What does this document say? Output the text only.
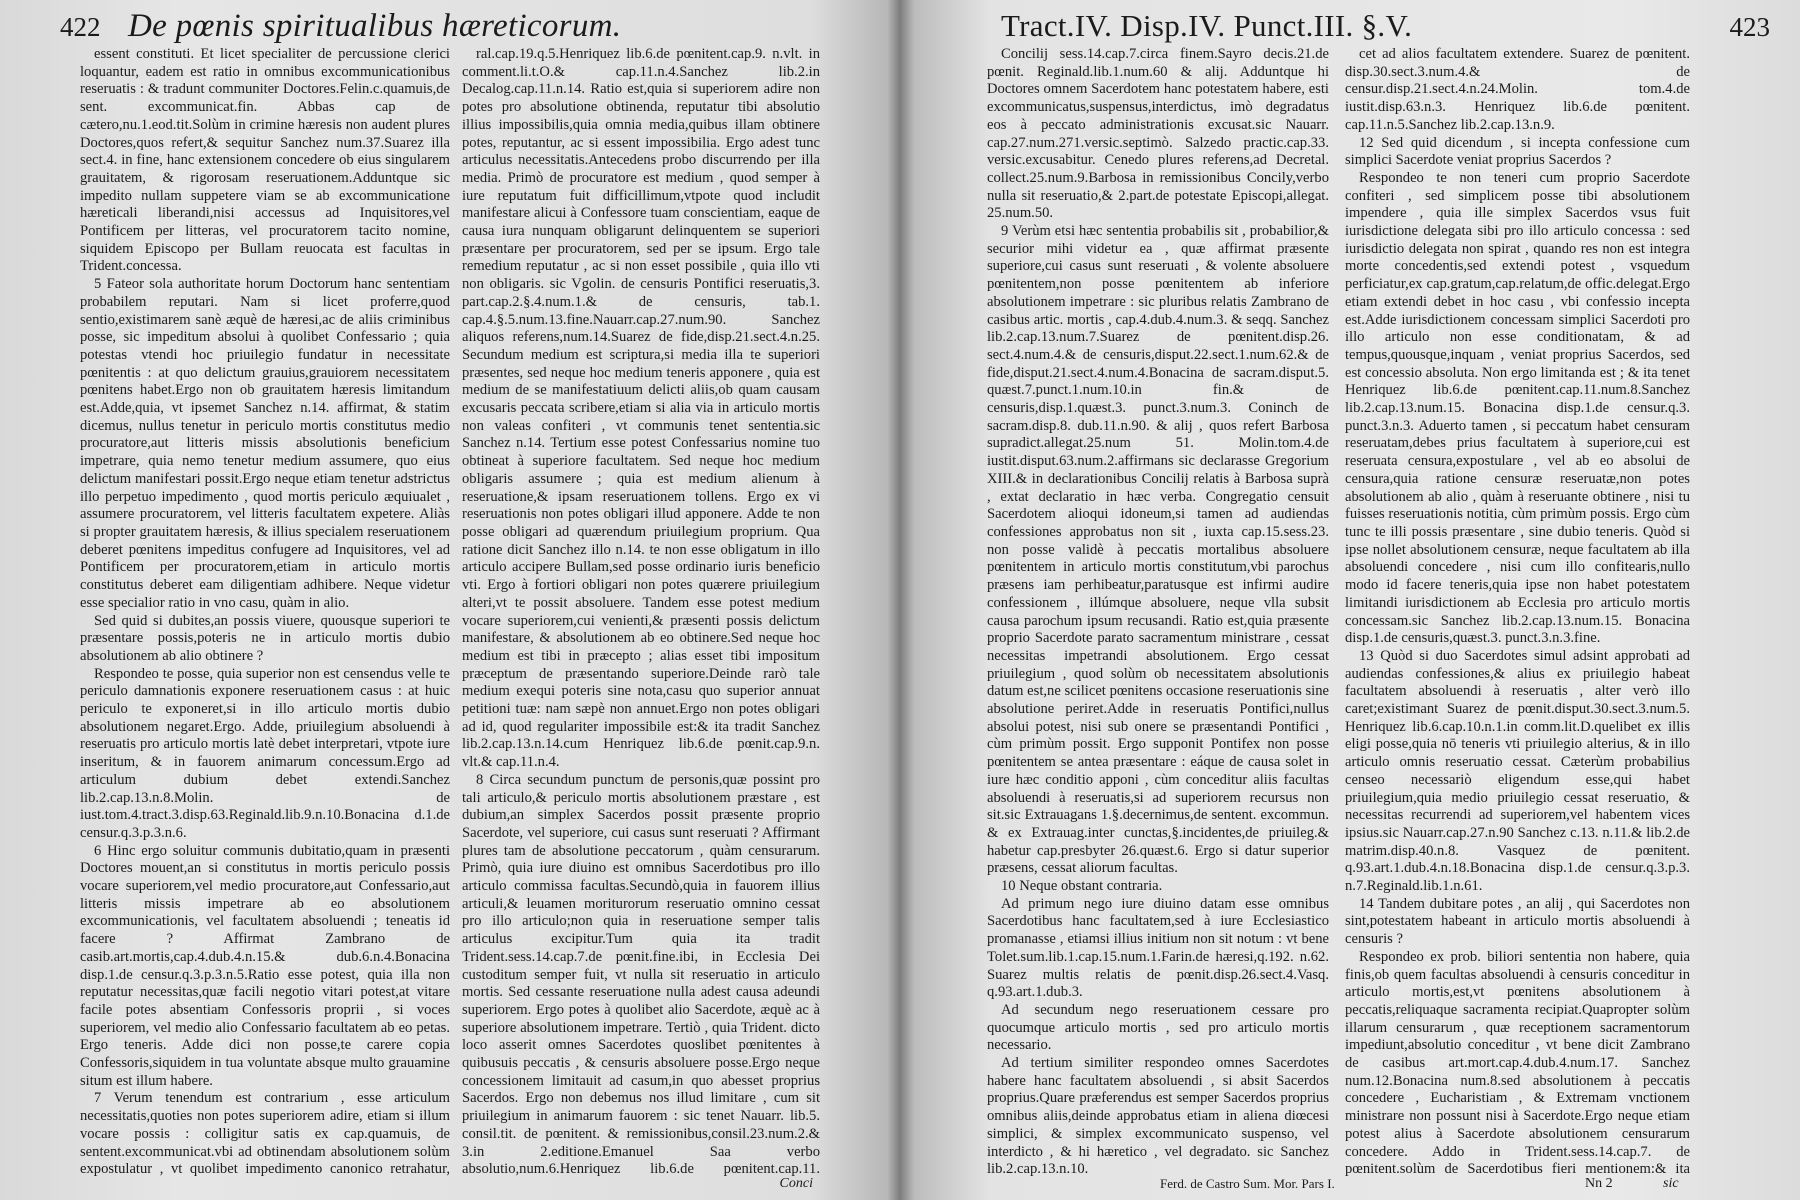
422 De pœnis spiritualibus hæreticorum.

essent constituti. Et licet specialiter de percussione clerici loquantur, eadem est ratio in omnibus excommunicationibus reseruatis : & tradunt communiter Doctores.Felin.c.quamuis,de sent. excommunicat.fin. Abbas cap de cætero,nu.1.eod.tit.Solùm in crimine hæresis non audent plures Doctores,quos refert,& sequitur Sanchez num.37.Suarez illa sect.4. in fine, hanc extensionem concedere ob eius singularem grauitatem, & rigorosam reseruationem.Adduntque sic impedito nullam suppetere viam se ab excommunicatione hæreticali liberandi,nisi accessus ad Inquisitores,vel Pontificem per litteras, vel procuratorem tacito nomine, siquidem Episcopo per Bullam reuocata est facultas in Trident.concessa.

5 Fateor sola authoritate horum Doctorum hanc sententiam probabilem reputari. Nam si licet proferre,quod sentio,existimarem sanè æquè de hæresi,ac de aliis criminibus posse, sic impeditum absolui à quolibet Confessario ; quia potestas vtendi hoc priuilegio fundatur in necessitate pœnitentis : at quo delictum grauius,grauiorem necessitatem pœnitens habet.Ergo non ob grauitatem hæresis limitandum est.Adde,quia, vt ipsemet Sanchez n.14. affirmat, & statim dicemus, nullus tenetur in periculo mortis constitutus medio procuratore,aut litteris missis absolutionis beneficium impetrare, quia nemo tenetur medium assumere, quo eius delictum manifestari possit.Ergo neque etiam tenetur adstrictus illo perpetuo impedimento , quod mortis periculo æquiualet , assumere procuratorem, vel litteris facultatem expetere. Aliàs si propter grauitatem hæresis, & illius specialem reseruationem deberet pœnitens impeditus confugere ad Inquisitores, vel ad Pontificem per procuratorem,etiam in articulo mortis constitutus deberet eam diligentiam adhibere. Neque videtur esse specialior ratio in vno casu, quàm in alio.

Sed quid si dubites,an possis viuere, quousque superiori te præsentare possis,poteris ne in articulo mortis dubio absolutionem ab alio obtinere ?

Respondeo te posse, quia superior non est censendus velle te periculo damnationis exponere reseruationem casus : at huic periculo te exponeret,si in illo articulo mortis dubio absolutionem negaret.Ergo. Adde, priuilegium absoluendi à reseruatis pro articulo mortis latè debet interpretari, vtpote iure inseritum, & in fauorem animarum concessum.Ergo ad articulum dubium debet extendi.Sanchez lib.2.cap.13.n.8.Molin. de iust.tom.4.tract.3.disp.63.Reginald.lib.9.n.10.Bonacina d.1.de censur.q.3.p.3.n.6.

6 Hinc ergo soluitur communis dubitatio,quam in præsenti Doctores mouent,an si constitutus in mortis periculo possis vocare superiorem,vel medio procuratore,aut Confessario,aut litteris missis impetrare ab eo absolutionem excommunicationis, vel facultatem absoluendi ; teneatis id facere ? Affirmat Zambrano de casib.art.mortis,cap.4.dub.4.n.15.& dub.6.n.4.Bonacina disp.1.de censur.q.3.p.3.n.5.Ratio esse potest, quia illa non reputatur necessitas,quæ facili negotio vitari potest,at vitare facile potes absentiam Confessoris proprii , si voces superiorem, vel medio alio Confessario facultatem ab eo petas. Ergo teneris. Adde dici non posse,te carere copia Confessoris,siquidem in tua voluntate absque multo grauamine situm est illum habere.

7 Verum tenendum est contrarium , esse articulum necessitatis,quoties non potes superiorem adire, etiam si illum vocare possis : colligitur satis ex cap.quamuis, de sentent.excommunicat.vbi ad obtinendam absolutionem solùm expostulatur , vt quolibet impedimento canonico retrahatur,

ral.cap.19.q.5.Henriquez lib.6.de pœnitent.cap.9. n.vlt. in comment.li.t.O.& cap.11.n.4.Sanchez lib.2.in Decalog.cap.11.n.14. Ratio est,quia si superiorem adire non potes pro absolutione obtinenda, reputatur tibi absolutio illius impossibilis,quia omnia media,quibus illam obtinere potes, reputantur, ac si essent impossibilia. Ergo adest tunc articulus necessitatis.Antecedens probo discurrendo per illa media. Primò de procuratore est medium , quod semper à iure reputatum fuit difficillimum,vtpote quod includit manifestare alicui à Confessore tuam conscientiam, eaque de causa iura nunquam obligarunt delinquentem se superiori præsentare per procuratorem, sed per se ipsum. Ergo tale remedium reputatur , ac si non esset possibile , quia illo vti non obligaris. sic Vgolin. de censuris Pontifici reseruatis,3. part.cap.2.§.4.num.1.& de censuris, tab.1. cap.4.§.5.num.13.fine.Nauarr.cap.27.num.90. Sanchez aliquos referens,num.14.Suarez de fide,disp.21.sect.4.n.25. Secundum medium est scriptura,si media illa te superiori præsentes, sed neque hoc medium teneris apponere , quia est medium de se manifestatiuum delicti aliis,ob quam causam excusaris peccata scribere,etiam si alia via in articulo mortis non valeas confiteri , vt communis tenet sententia.sic Sanchez n.14. Tertium esse potest Confessarius nomine tuo obtineat à superiore facultatem. Sed neque hoc medium obligaris assumere ; quia est medium alienum à reseruatione,& ipsam reseruationem tollens. Ergo ex vi reseruationis non potes obligari illud apponere. Adde te non posse obligari ad quærendum priuilegium proprium. Qua ratione dicit Sanchez illo n.14. te non esse obligatum in illo articulo accipere Bullam,sed posse ordinario iuris beneficio vti. Ergo à fortiori obligari non potes quærere priuilegium alteri,vt te possit absoluere. Tandem esse potest medium vocare superiorem,cui venienti,& præsenti possis delictum manifestare, & absolutionem ab eo obtinere.Sed neque hoc medium est tibi in præcepto ; alias esset tibi impositum præceptum de præsentando superiore.Deinde rarò tale medium exequi poteris sine nota,casu quo superior annuat petitioni tuæ: nam sæpè non annuet.Ergo non potes obligari ad id, quod regulariter impossibile est:& ita tradit Sanchez lib.2.cap.13.n.14.cum Henriquez lib.6.de pœnit.cap.9.n. vlt.& cap.11.n.4.

8 Circa secundum punctum de personis,quæ possint pro tali articulo,& periculo mortis absolutionem præstare , est dubium,an simplex Sacerdos possit præsente proprio Sacerdote, vel superiore, cui casus sunt reseruati ? Affirmant plures tam de absolutione peccatorum , quàm censurarum. Primò, quia iure diuino est omnibus Sacerdotibus pro illo articulo commissa facultas.Secundò,quia in fauorem illius articuli,& leuamen moriturorum reseruatio omnino cessat pro illo articulo;non quia in reseruatione semper talis articulus excipitur.Tum quia ita tradit Trident.sess.14.cap.7.de pœnit.fine.ibi, in Ecclesia Dei custoditum semper fuit, vt nulla sit reseruatio in articulo mortis. Sed cessante reseruatione nulla adest causa adeundi superiorem. Ergo potes à quolibet alio Sacerdote, æquè ac à superiore absolutionem impetrare. Tertiò , quia Trident. dicto loco asserit omnes Sacerdotes quoslibet pœnitentes à quibusuis peccatis , & censuris absoluere posse.Ergo neque concessionem limitauit ad casum,in quo abesset proprius Sacerdos. Ergo non debemus nos illud limitare , cum sit priuilegium in animarum fauorem : sic tenet Nauarr. lib.5. consil.tit. de pœnitent. & remissionibus,consil.23.num.2.& 3.in 2.editione.Emanuel Saa verbo absolutio,num.6.Henriquez lib.6.de pœnitent.cap.11.

Conci
Tract.IV. Disp.IV. Punct.III. §.V.	423

Concilij sess.14.cap.7.circa finem.Sayro decis.21.de pœnit. Reginald.lib.1.num.60 & alij. Adduntque hi Doctores omnem Sacerdotem hanc potestatem habere, esti excommunicatus,suspensus,interdictus, imò degradatus eos à peccato administrationis excusat.sic Nauarr. cap.27.num.271.versic.septimò. Salzedo practic.cap.33. versic.excusabitur. Cenedo plures referens,ad Decretal. collect.25.num.9.Barbosa in remissionibus Concily,verbo nulla sit reseruatio,& 2.part.de potestate Episcopi,allegat. 25.num.50.

9 Verùm etsi hæc sententia probabilis sit , probabilior,& securior mihi videtur ea , quæ affirmat præsente superiore,cui casus sunt reseruati , & volente absoluere pœnitentem,non posse pœnitentem ab inferiore absolutionem impetrare : sic pluribus relatis Zambrano de casibus artic. mortis , cap.4.dub.4.num.3. & seqq. Sanchez lib.2.cap.13.num.7.Suarez de pœnitent.disp.26. sect.4.num.4.& de censuris,disput.22.sect.1.num.62.& de fide,disput.21.sect.4.num.4.Bonacina de sacram.disput.5. quæst.7.punct.1.num.10.in fin.& de censuris,disp.1.quæst.3. punct.3.num.3. Coninch de sacram.disp.8. dub.11.n.90. & alij , quos refert Barbosa supradict.allegat.25.num 51. Molin.tom.4.de iustit.disput.63.num.2.affirmans sic declarasse Gregorium XIII.& in declarationibus Concilij relatis à Barbosa suprà , extat declaratio in hæc verba. Congregatio censuit Sacerdotem alioqui idoneum,si tamen ad audiendas confessiones approbatus non sit , iuxta cap.15.sess.23. non posse validè à peccatis mortalibus absoluere pœnitentem in articulo mortis constitutum,vbi parochus præsens iam perhibeatur,paratusque est infirmi audire confessionem , illúmque absoluere, neque vlla subsit causa parochum ipsum recusandi. Ratio est,quia præsente proprio Sacerdote parato sacramentum ministrare , cessat necessitas impetrandi absolutionem. Ergo cessat priuilegium , quod solùm ob necessitatem absolutionis datum est,ne scilicet pœnitens occasione reseruationis sine absolutione periret.Adde in reseruatis Pontifici,nullus absolui potest, nisi sub onere se præsentandi Pontifici , cùm primùm possit. Ergo supponit Pontifex non posse pœnitentem se antea præsentare : eáque de causa solet in iure hæc conditio apponi , cùm conceditur aliis facultas absoluendi à reseruatis,si ad superiorem recursus non sit.sic Extrauagans 1.§.decernimus,de sentent. excommun. & ex Extrauag.inter cunctas,§.incidentes,de priuileg.& habetur cap.presbyter 26.quæst.6. Ergo si datur superior præsens, cessat aliorum facultas.

10 Neque obstant contraria.

Ad primum nego iure diuino datam esse omnibus Sacerdotibus hanc facultatem,sed à iure Ecclesiastico promanasse , etiamsi illius initium non sit notum : vt bene Tolet.sum.lib.1.cap.15.num.1.Farin.de hæresi,q.192. n.62. Suarez multis relatis de pœnit.disp.26.sect.4.Vasq. q.93.art.1.dub.3.

Ad secundum nego reseruationem cessare pro quocumque articulo mortis , sed pro articulo mortis necessario.

Ad tertium similiter respondeo omnes Sacerdotes habere hanc facultatem absoluendi , si absit Sacerdos proprius.Quare præferendus est semper Sacerdos proprius omnibus aliis,deinde approbatus etiam in aliena diœcesi simplici, & simplex excommunicato suspenso, vel interdicto , & hi hæretico , vel degradato. sic Sanchez lib.2.cap.13.n.10.

cet ad alios facultatem extendere. Suarez de pœnitent. disp.30.sect.3.num.4.& de censur.disp.21.sect.4.n.24.Molin. tom.4.de iustit.disp.63.n.3. Henriquez lib.6.de pœnitent. cap.11.n.5.Sanchez lib.2.cap.13.n.9.

12 Sed quid dicendum , si incepta confessione cum simplici Sacerdote veniat proprius Sacerdos ?

Respondeo te non teneri cum proprio Sacerdote confiteri , sed simplicem posse tibi absolutionem impendere , quia ille simplex Sacerdos vsus fuit iurisdictione delegata sibi pro illo articulo concessa : sed iurisdictio delegata non spirat , quando res non est integra morte concedentis,sed extendi potest , vsquedum perficiatur,ex cap.gratum,cap.relatum,de offic.delegat.Ergo etiam extendi debet in hoc casu , vbi confessio incepta est.Adde iurisdictionem concessam simplici Sacerdoti pro illo articulo non esse conditionatam, & ad tempus,quousque,inquam , veniat proprius Sacerdos, sed est concessio absoluta. Non ergo limitanda est ; & ita tenet Henriquez lib.6.de pœnitent.cap.11.num.8.Sanchez lib.2.cap.13.num.15. Bonacina disp.1.de censur.q.3. punct.3.n.3. Aduerto tamen , si peccatum habet censuram reseruatam,debes prius facultatem à superiore,cui est reseruata censura,expostulare , vel ab eo absolui de censura,quia ratione censuræ reseruatæ,non potes absolutionem ab alio , quàm à reseruante obtinere , nisi tu fuisses reseruationis notitia, cùm primùm possis. Ergo cùm tunc te illi possis præsentare , sine dubio teneris. Quòd si ipse nollet absolutionem censuræ, neque facultatem ab illa absoluendi concedere , nisi cum illo confitearis,nullo modo id facere teneris,quia ipse non habet potestatem limitandi iurisdictionem ab Ecclesia pro articulo mortis concessam.sic Sanchez lib.2.cap.13.num.15. Bonacina disp.1.de censuris,quæst.3. punct.3.n.3.fine.

13 Quòd si duo Sacerdotes simul adsint approbati ad audiendas confessiones,& alius ex priuilegio habeat facultatem absoluendi à reseruatis , alter verò illo caret;existimant Suarez de pœnit.disput.30.sect.3.num.5. Henriquez lib.6.cap.10.n.1.in comm.lit.D.quelibet ex illis eligi posse,quia nō teneris vti priuilegio alterius, & in illo articulo omnis reseruatio cessat. Cæterùm probabilius censeo necessariò eligendum esse,qui habet priuilegium,quia medio priuilegio cessat reseruatio, & necessitas recurrendi ad superiorem,vel habentem vices ipsius.sic Nauarr.cap.27.n.90 Sanchez c.13. n.11.& lib.2.de matrim.disp.40.n.8. Vasquez de pœnitent. q.93.art.1.dub.4.n.18.Bonacina disp.1.de censur.q.3.p.3. n.7.Reginald.lib.1.n.61.

14 Tandem dubitare potes , an alij , qui Sacerdotes non sint,potestatem habeant in articulo mortis absoluendi à censuris ?

Respondeo ex prob. biliori sententia non habere, quia finis,ob quem facultas absoluendi à censuris conceditur in articulo mortis,est,vt pœnitens absolutionem à peccatis,reliquaque sacramenta recipiat.Quapropter solùm illarum censurarum , quæ receptionem sacramentorum impediunt,absolutio conceditur , vt bene dicit Zambrano de casibus art.mort.cap.4.dub.4.num.17. Sanchez num.12.Bonacina num.8.sed absolutionem à peccatis concedere , Eucharistiam , & Extremam vnctionem ministrare non possunt nisi à Sacerdote.Ergo neque etiam potest alius à Sacerdote absolutionem censurarum concedere. Addo in Trident.sess.14.cap.7. de pœnitent.solùm de Sacerdotibus fieri mentionem:& ita

Ferd. de Castro Sum. Mor. Pars I.	Nn 2	sic
